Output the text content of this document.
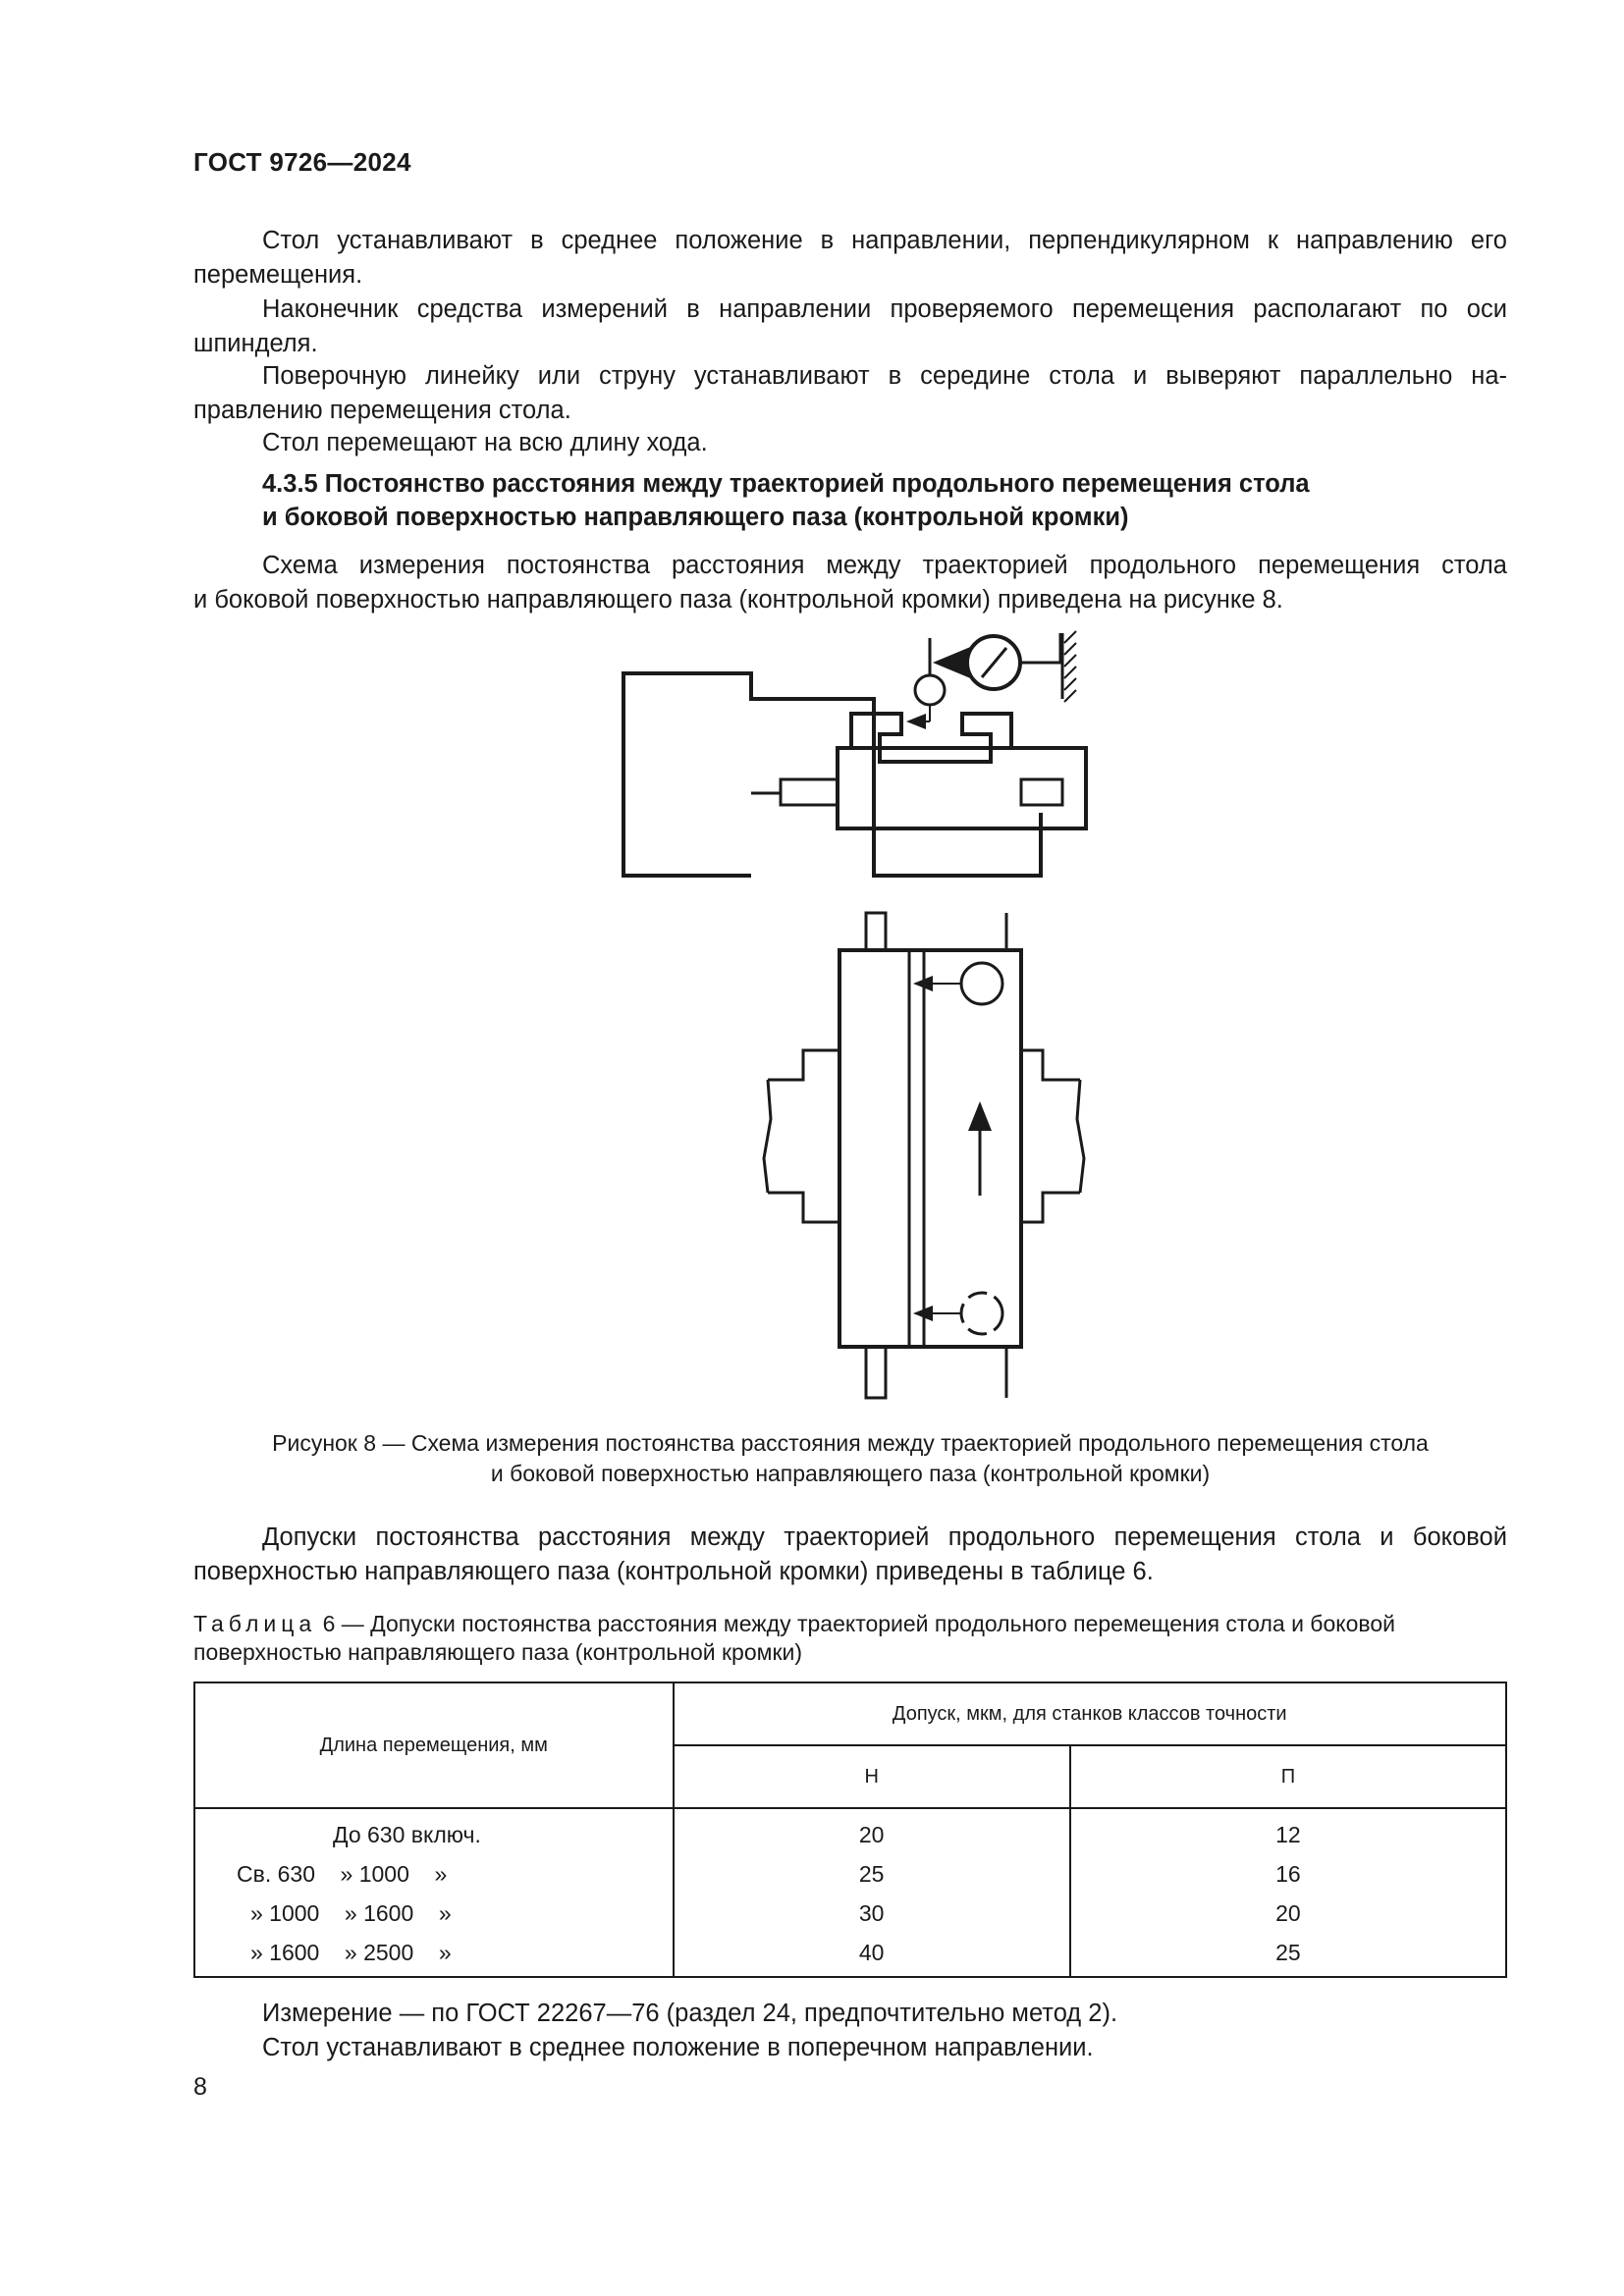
ГОСТ 9726—2024
Стол устанавливают в среднее положение в направлении, перпендикулярном к направлению его
перемещения.
Наконечник средства измерений в направлении проверяемого перемещения располагают по оси
шпинделя.
Поверочную линейку или струну устанавливают в середине стола и выверяют параллельно на-
правлению перемещения стола.
Стол перемещают на всю длину хода.
4.3.5 Постоянство расстояния между траекторией продольного перемещения стола
и боковой поверхностью направляющего паза (контрольной кромки)
Схема измерения постоянства расстояния между траекторией продольного перемещения стола
и боковой поверхностью направляющего паза (контрольной кромки) приведена на рисунке 8.
Рисунок 8 — Схема измерения постоянства расстояния между траекторией продольного перемещения стола
и боковой поверхностью направляющего паза (контрольной кромки)
Допуски постоянства расстояния между траекторией продольного перемещения стола и боковой
поверхностью направляющего паза (контрольной кромки) приведены в таблице 6.
Таблица 6 — Допуски постоянства расстояния между траекторией продольного перемещения стола и боковой
поверхностью направляющего паза (контрольной кромки)
Длина перемещения, мм	Допуск, мкм, для станков классов точности	
	Н	П
До 630 включ.	20	12
Св. 630    » 1000    »	25	16
» 1000    » 1600    »	30	20
» 1600    » 2500    »	40	25
Измерение — по ГОСТ 22267—76 (раздел 24, предпочтительно метод 2).
Стол устанавливают в среднее положение в поперечном направлении.
8
